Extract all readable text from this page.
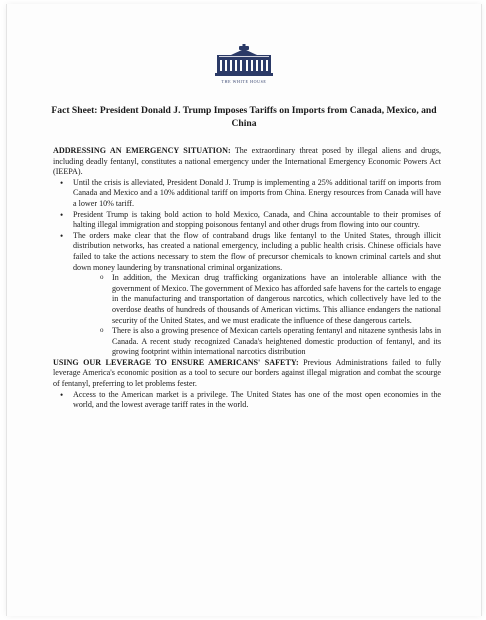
THE WHITE HOUSE
Fact Sheet: President Donald J. Trump Imposes Tariffs on Imports from Canada, Mexico, and China

ADDRESSING AN EMERGENCY SITUATION: The extraordinary threat posed by illegal aliens and drugs, including deadly fentanyl, constitutes a national emergency under the International Emergency Economic Powers Act (IEEPA).

• Until the crisis is alleviated, President Donald J. Trump is implementing a 25% additional tariff on imports from Canada and Mexico and a 10% additional tariff on imports from China. Energy resources from Canada will have a lower 10% tariff.
• President Trump is taking bold action to hold Mexico, Canada, and China accountable to their promises of halting illegal immigration and stopping poisonous fentanyl and other drugs from flowing into our country.
• The orders make clear that the flow of contraband drugs like fentanyl to the United States, through illicit distribution networks, has created a national emergency, including a public health crisis. Chinese officials have failed to take the actions necessary to stem the flow of precursor chemicals to known criminal cartels and shut down money laundering by transnational criminal organizations.
o In addition, the Mexican drug trafficking organizations have an intolerable alliance with the government of Mexico. The government of Mexico has afforded safe havens for the cartels to engage in the manufacturing and transportation of dangerous narcotics, which collectively have led to the overdose deaths of hundreds of thousands of American victims. This alliance endangers the national security of the United States, and we must eradicate the influence of these dangerous cartels.
o There is also a growing presence of Mexican cartels operating fentanyl and nitazene synthesis labs in Canada. A recent study recognized Canada's heightened domestic production of fentanyl, and its growing footprint within international narcotics distribution

USING OUR LEVERAGE TO ENSURE AMERICANS' SAFETY: Previous Administrations failed to fully leverage America's economic position as a tool to secure our borders against illegal migration and combat the scourge of fentanyl, preferring to let problems fester.

• Access to the American market is a privilege. The United States has one of the most open economies in the world, and the lowest average tariff rates in the world.
